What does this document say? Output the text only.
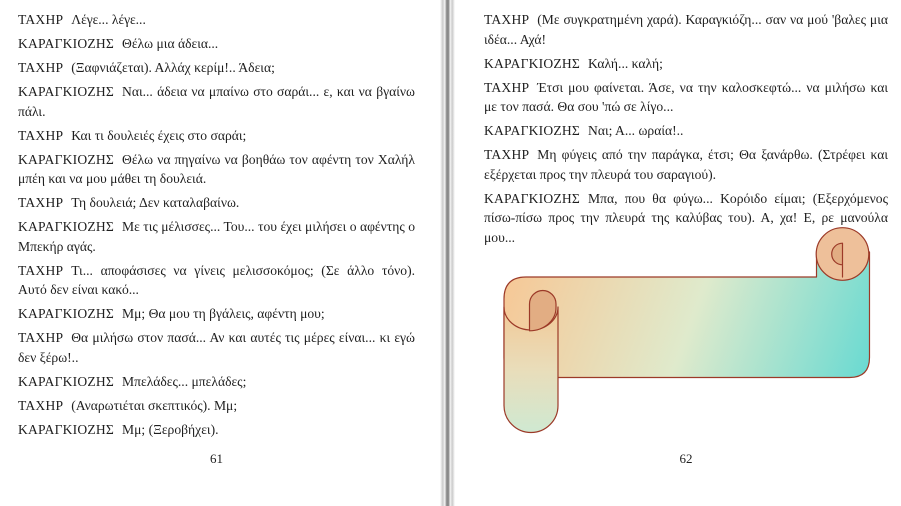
ΤΑΧΗΡ Λέγε... λέγε...

ΚΑΡΑΓΚΙΟΖΗΣ Θέλω μια άδεια...

ΤΑΧΗΡ (Ξαφνιάζεται). Αλλάχ κερίμ!.. Άδεια;

ΚΑΡΑΓΚΙΟΖΗΣ Ναι... άδεια να μπαίνω στο σαράι... ε, και να βγαίνω πάλι.

ΤΑΧΗΡ Και τι δουλειές έχεις στο σαράι;

ΚΑΡΑΓΚΙΟΖΗΣ Θέλω να πηγαίνω να βοηθάω τον αφέντη τον Χαλήλ μπέη και να μου μάθει τη δουλειά.

ΤΑΧΗΡ Τη δουλειά; Δεν καταλαβαίνω.

ΚΑΡΑΓΚΙΟΖΗΣ Με τις μέλισσες... Του... του έχει μιλήσει ο αφέντης ο Μπεκήρ αγάς.

ΤΑΧΗΡ Τι... αποφάσισες να γίνεις μελισσοκόμος; (Σε άλλο τόνο). Αυτό δεν είναι κακό...

ΚΑΡΑΓΚΙΟΖΗΣ Μμ; Θα μου τη βγάλεις, αφέντη μου;

ΤΑΧΗΡ Θα μιλήσω στον πασά... Αν και αυτές τις μέρες είναι... κι εγώ δεν ξέρω!..

ΚΑΡΑΓΚΙΟΖΗΣ Μπελάδες... μπελάδες;

ΤΑΧΗΡ (Αναρωτιέται σκεπτικός). Μμ;

ΚΑΡΑΓΚΙΟΖΗΣ Μμ; (Ξεροβήχει).

61

ΤΑΧΗΡ (Με συγκρατημένη χαρά). Καραγκιόζη... σαν να μού 'βαλες μια ιδέα... Αχά!

ΚΑΡΑΓΚΙΟΖΗΣ Καλή... καλή;

ΤΑΧΗΡ Έτσι μου φαίνεται. Άσε, να την καλοσκεφτώ... να μιλήσω και με τον πασά. Θα σου 'πώ σε λίγο...

ΚΑΡΑΓΚΙΟΖΗΣ Ναι; Α... ωραία!..

ΤΑΧΗΡ Μη φύγεις από την παράγκα, έτσι; Θα ξανάρθω. (Στρέφει και εξέρχεται προς την πλευρά του σαραγιού).

ΚΑΡΑΓΚΙΟΖΗΣ Μπα, που θα φύγω... Κορόιδο είμαι; (Εξερχόμενος πίσω-πίσω προς την πλευρά της καλύβας του). Α, χα! Ε, ρε μανούλα μου...

62
